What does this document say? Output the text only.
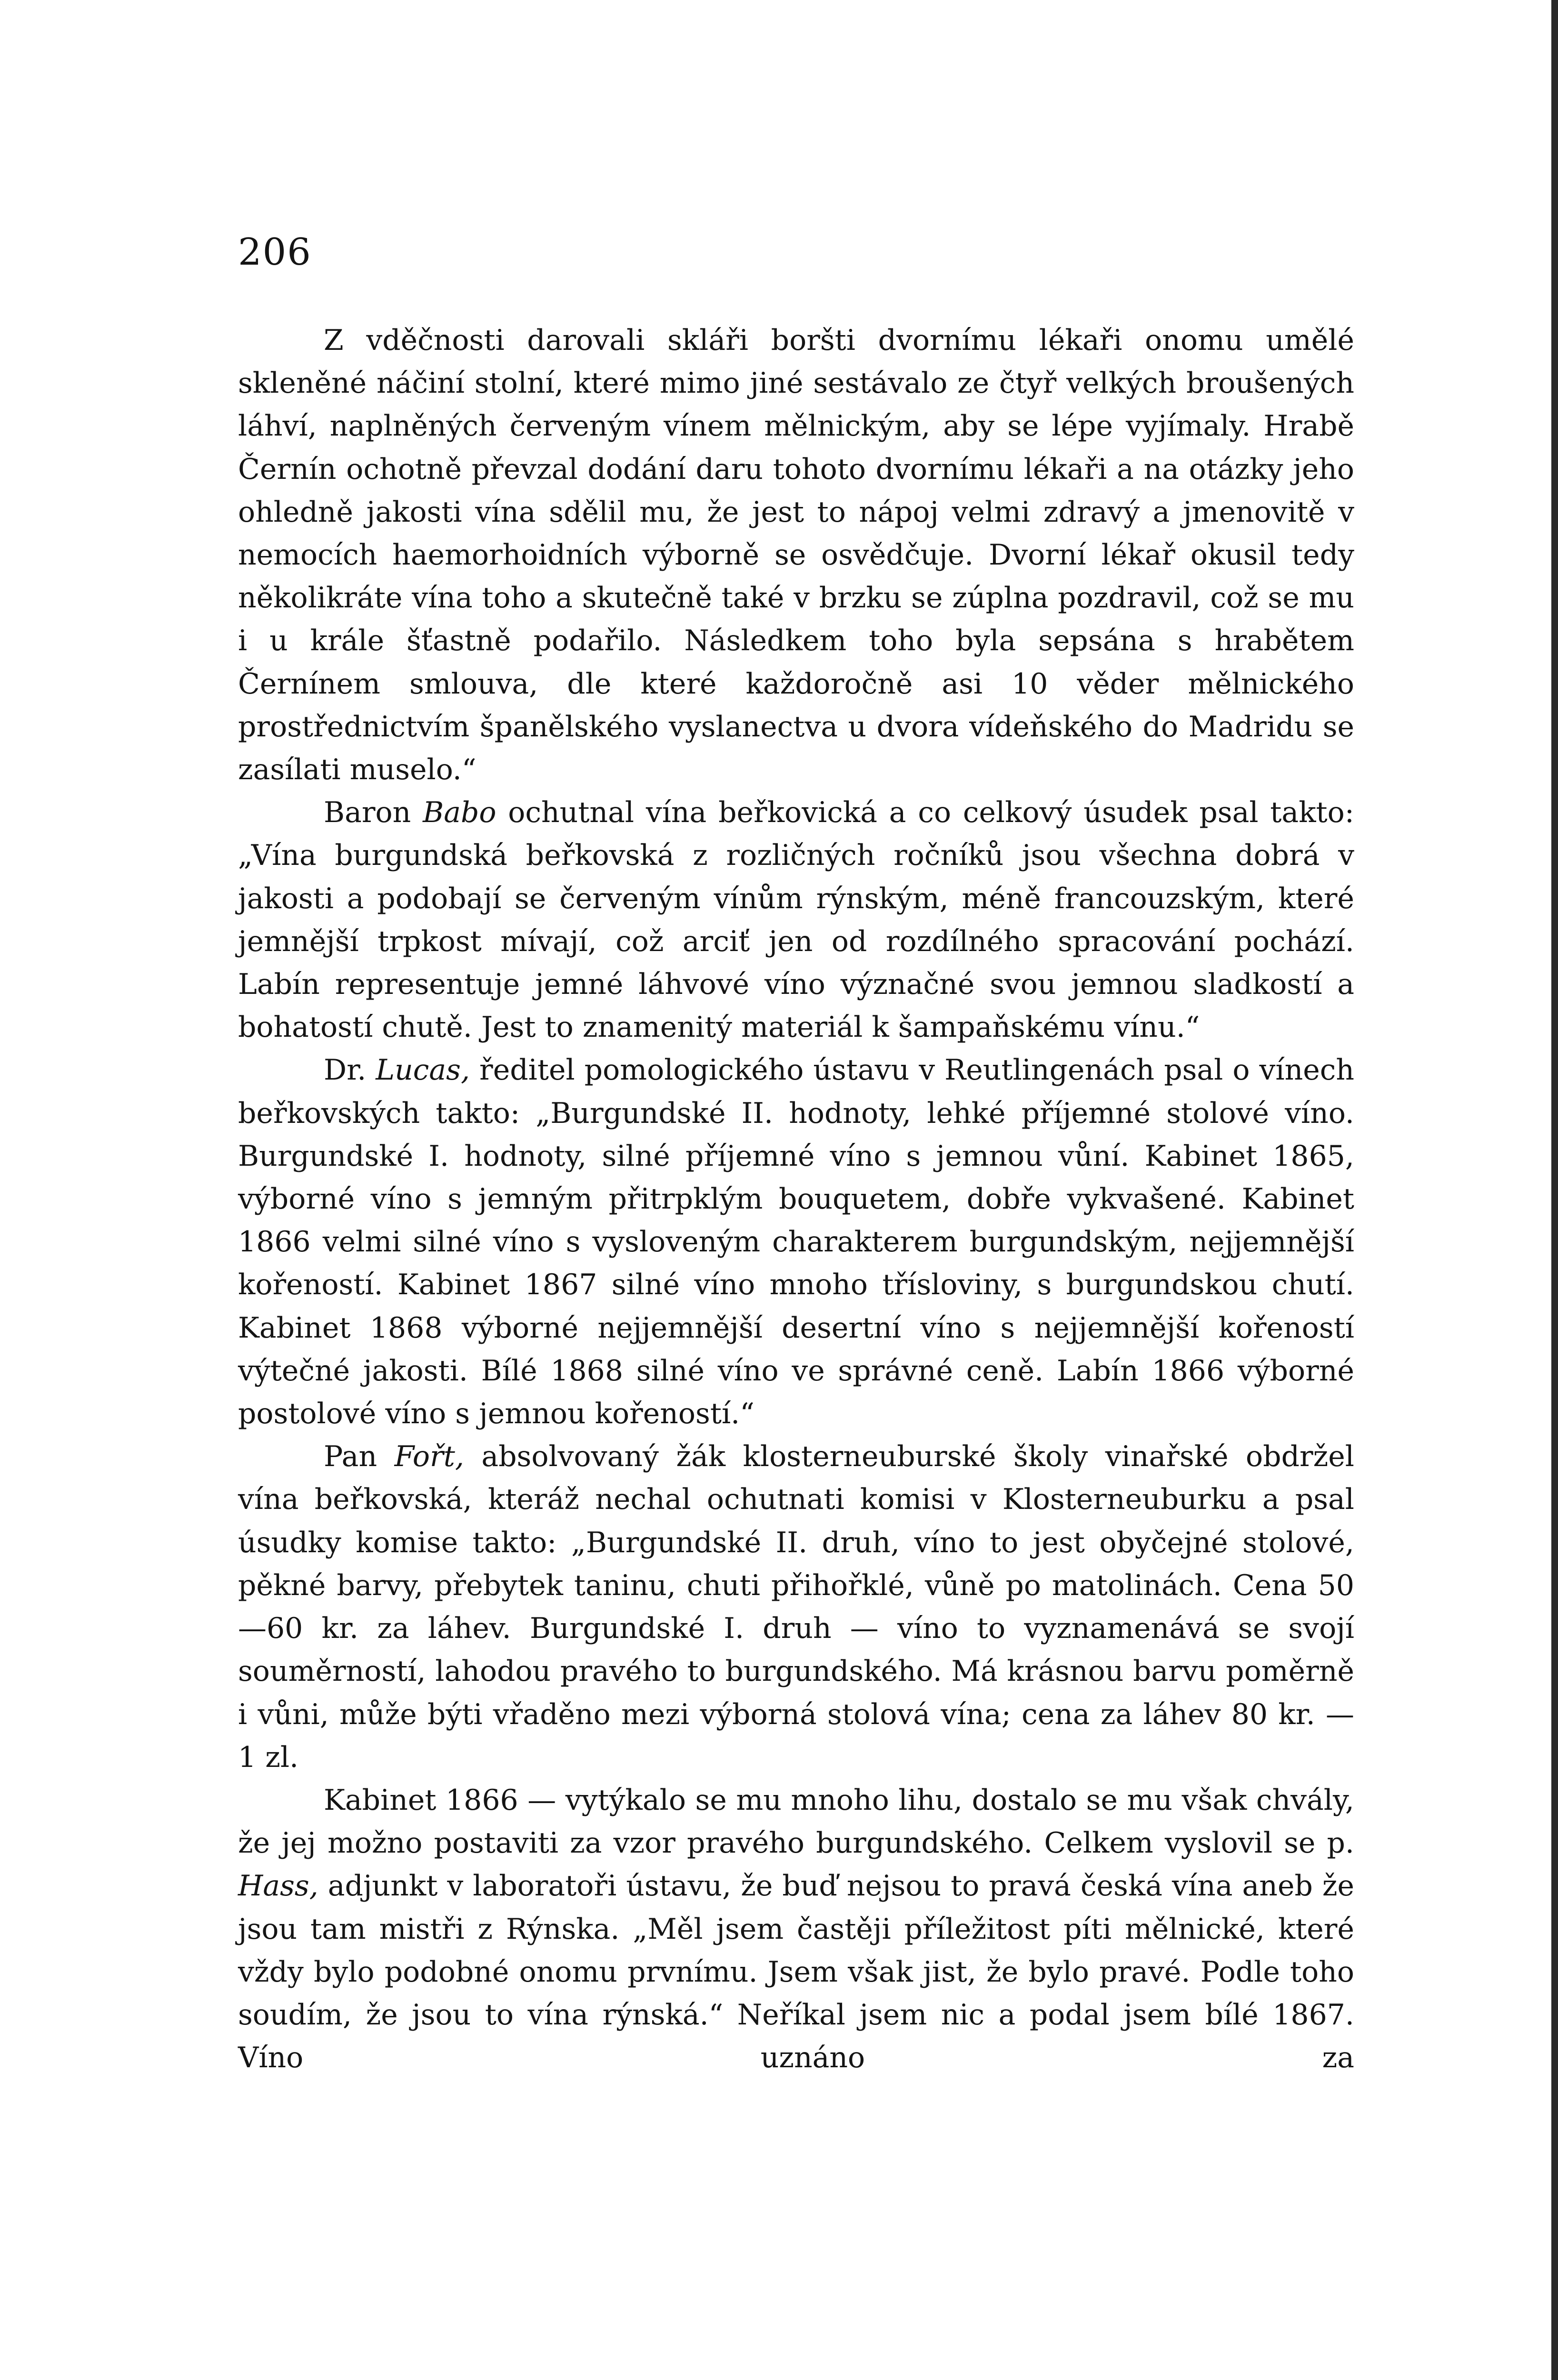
206

Z vděčnosti darovali skláři boršti dvornímu lékaři onomu umělé skleněné náčiní stolní, které mimo jiné sestávalo ze čtyř velkých broušených láhví, naplněných červeným vínem mělnickým, aby se lépe vyjímaly. Hrabě Černín ochotně převzal dodání daru tohoto dvornímu lékaři a na otázky jeho ohledně jakosti vína sdělil mu, že jest to nápoj velmi zdravý a jmenovitě v nemocích haemorhoidních výborně se osvědčuje. Dvorní lékař okusil tedy několikráte vína toho a skutečně také v brzku se zúplna pozdravil, což se mu i u krále šťastně podařilo. Následkem toho byla sepsána s hrabětem Černínem smlouva, dle které každoročně asi 10 věder mělnického prostřednictvím španělského vyslanectva u dvora vídeňského do Madridu se zasílati muselo.“

Baron Babo ochutnal vína beřkovická a co celkový úsudek psal takto: „Vína burgundská beřkovská z rozličných ročníků jsou všechna dobrá v jakosti a podobají se červeným vínům rýnským, méně francouzským, které jemnější trpkost mívají, což arciť jen od rozdílného spracování pochází. Labín representuje jemné láhvové víno význačné svou jemnou sladkostí a bohatostí chutě. Jest to znamenitý materiál k šampaňskému vínu.“

Dr. Lucas, ředitel pomologického ústavu v Reutlingenách psal o vínech beřkovských takto: „Burgundské II. hodnoty, lehké příjemné stolové víno. Burgundské I. hodnoty, silné příjemné víno s jemnou vůní. Kabinet 1865, výborné víno s jemným přitrpklým bouquetem, dobře vykvašené. Kabinet 1866 velmi silné víno s vysloveným charakterem burgundským, nejjemnější kořeností. Kabinet 1867 silné víno mnoho tříslоviny, s burgundskou chutí. Kabinet 1868 výborné nejjemnější desertní víno s nejjemnější kořeností výtečné jakosti. Bílé 1868 silné víno ve správné ceně. Labín 1866 výborné postolové víno s jemnou kořeností.“

Pan Fořt, absolvovaný žák klosterneuburské školy vinařské obdržel vína beřkovská, kteráž nechal ochutnati komisi v Klosterneuburku a psal úsudky komise takto: „Burgundské II. druh, víno to jest obyčejné stolové, pěkné barvy, přebytek taninu, chuti přihořklé, vůně po matolinách. Cena 50—60 kr. za láhev. Burgundské I. druh — víno to vyznamenává se svojí souměrností, lahodou pravého to burgundského. Má krásnou barvu poměrně i vůni, může býti vřaděno mezi výborná stolová vína; cena za láhev 80 kr. — 1 zl.

Kabinet 1866 — vytýkalo se mu mnoho lihu, dostalo se mu však chvály, že jej možno postaviti za vzor pravého burgundského. Celkem vyslovil se p. Hass, adjunkt v laboratoři ústavu, že buď nejsou to pravá česká vína aneb že jsou tam mistři z Rýnska. „Měl jsem častěji příležitost píti mělnické, které vždy bylo podobné onomu prvnímu. Jsem však jist, že bylo pravé. Podle toho soudím, že jsou to vína rýnská.“ Neříkal jsem nic a podal jsem bílé 1867. Víno uznáno za
